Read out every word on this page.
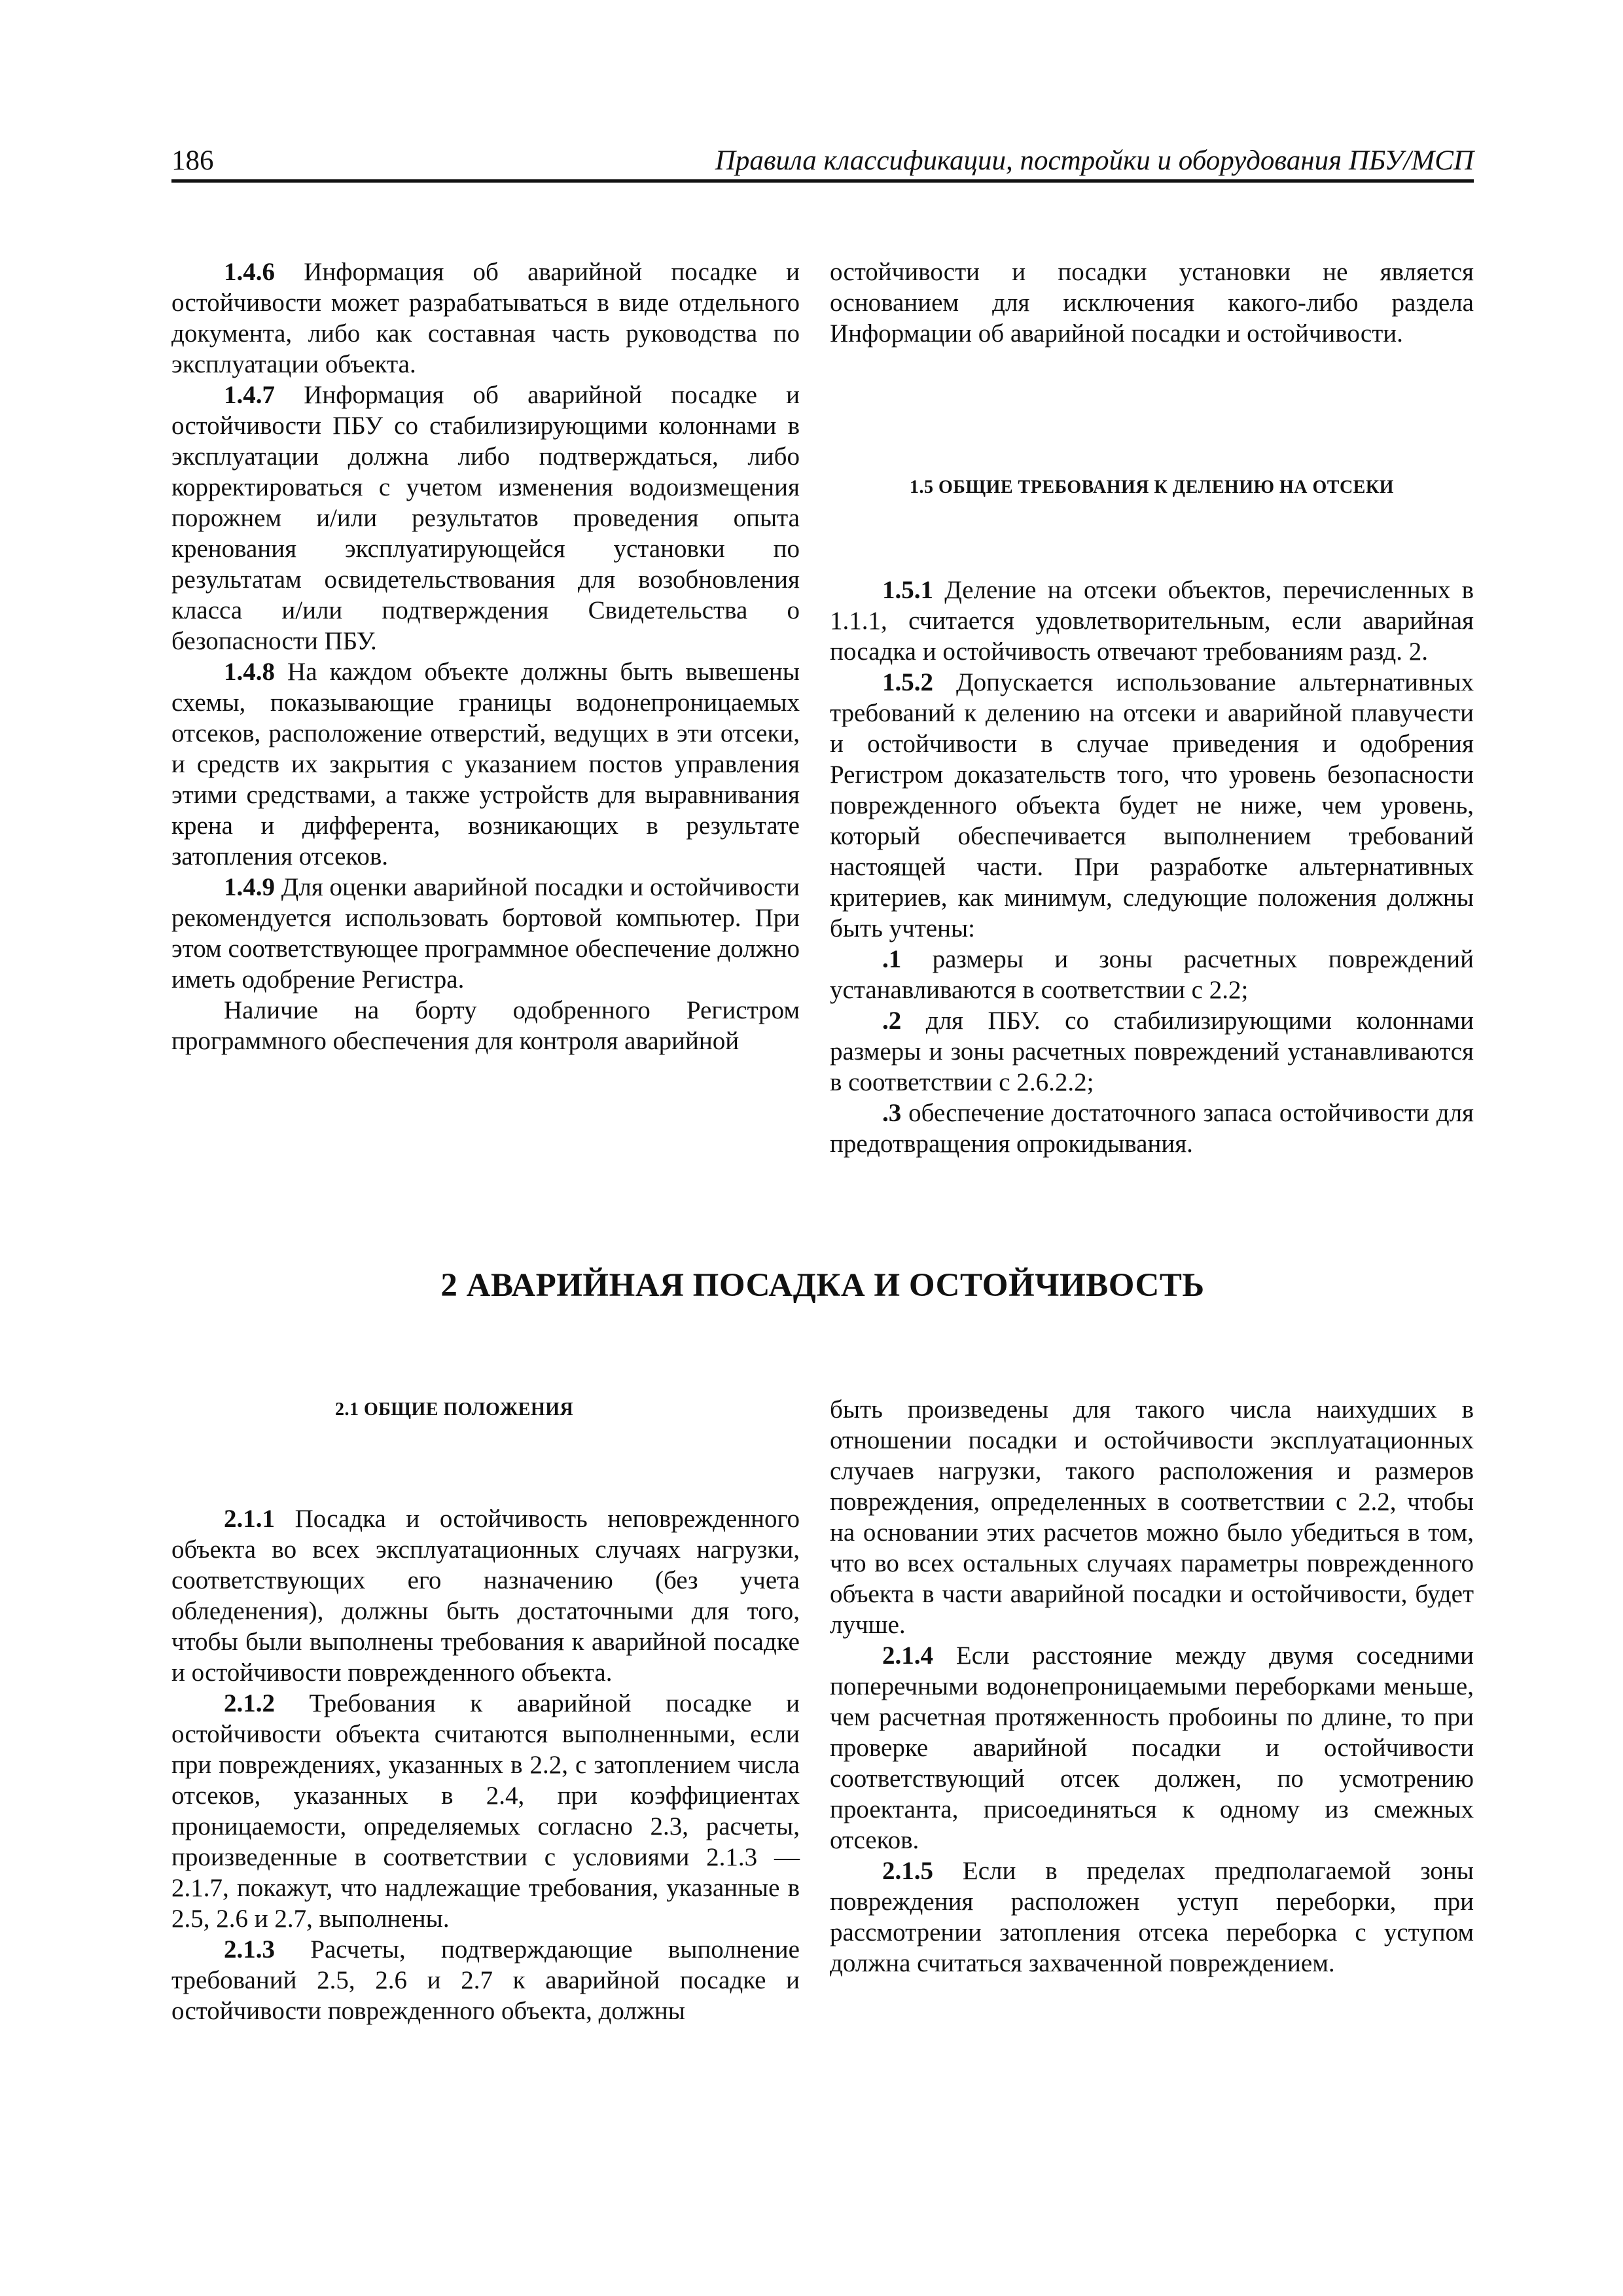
186	Правила классификации, постройки и оборудования ПБУ/МСП

1.4.6 Информация об аварийной посадке и остойчивости может разрабатываться в виде отдельного документа, либо как составная часть руководства по эксплуатации объекта.

1.4.7 Информация об аварийной посадке и остойчивости ПБУ со стабилизирующими колоннами в эксплуатации должна либо подтверждаться, либо корректироваться с учетом изменения водоизмещения порожнем и/или результатов проведения опыта кренования эксплуатирующейся установки по результатам освидетельствования для возобновления класса и/или подтверждения Свидетельства о безопасности ПБУ.

1.4.8 На каждом объекте должны быть вывешены схемы, показывающие границы водонепроницаемых отсеков, расположение отверстий, ведущих в эти отсеки, и средств их закрытия с указанием постов управления этими средствами, а также устройств для выравнивания крена и дифферента, возникающих в результате затопления отсеков.

1.4.9 Для оценки аварийной посадки и остойчивости рекомендуется использовать бортовой компьютер. При этом соответствующее программное обеспечение должно иметь одобрение Регистра.

Наличие на борту одобренного Регистром программного обеспечения для контроля аварийной

остойчивости и посадки установки не является основанием для исключения какого-либо раздела Информации об аварийной посадки и остойчивости.

1.5 ОБЩИЕ ТРЕБОВАНИЯ К ДЕЛЕНИЮ НА ОТСЕКИ

1.5.1 Деление на отсеки объектов, перечисленных в 1.1.1, считается удовлетворительным, если аварийная посадка и остойчивость отвечают требованиям разд. 2.

1.5.2 Допускается использование альтернативных требований к делению на отсеки и аварийной плавучести и остойчивости в случае приведения и одобрения Регистром доказательств того, что уровень безопасности поврежденного объекта будет не ниже, чем уровень, который обеспечивается выполнением требований настоящей части. При разработке альтернативных критериев, как минимум, следующие положения должны быть учтены:

.1 размеры и зоны расчетных повреждений устанавливаются в соответствии с 2.2;

.2 для ПБУ. со стабилизирующими колоннами размеры и зоны расчетных повреждений устанавливаются в соответствии с 2.6.2.2;

.3 обеспечение достаточного запаса остойчивости для предотвращения опрокидывания.

2 АВАРИЙНАЯ ПОСАДКА И ОСТОЙЧИВОСТЬ

2.1 ОБЩИЕ ПОЛОЖЕНИЯ

2.1.1 Посадка и остойчивость неповрежденного объекта во всех эксплуатационных случаях нагрузки, соответствующих его назначению (без учета обледенения), должны быть достаточными для того, чтобы были выполнены требования к аварийной посадке и остойчивости поврежденного объекта.

2.1.2 Требования к аварийной посадке и остойчивости объекта считаются выполненными, если при повреждениях, указанных в 2.2, с затоплением числа отсеков, указанных в 2.4, при коэффициентах проницаемости, определяемых согласно 2.3, расчеты, произведенные в соответствии с условиями 2.1.3 — 2.1.7, покажут, что надлежащие требования, указанные в 2.5, 2.6 и 2.7, выполнены.

2.1.3 Расчеты, подтверждающие выполнение требований 2.5, 2.6 и 2.7 к аварийной посадке и остойчивости поврежденного объекта, должны

быть произведены для такого числа наихудших в отношении посадки и остойчивости эксплуатационных случаев нагрузки, такого расположения и размеров повреждения, определенных в соответствии с 2.2, чтобы на основании этих расчетов можно было убедиться в том, что во всех остальных случаях параметры поврежденного объекта в части аварийной посадки и остойчивости, будет лучше.

2.1.4 Если расстояние между двумя соседними поперечными водонепроницаемыми переборками меньше, чем расчетная протяженность пробоины по длине, то при проверке аварийной посадки и остойчивости соответствующий отсек должен, по усмотрению проектанта, присоединяться к одному из смежных отсеков.

2.1.5 Если в пределах предполагаемой зоны повреждения расположен уступ переборки, при рассмотрении затопления отсека переборка с уступом должна считаться захваченной повреждением.
